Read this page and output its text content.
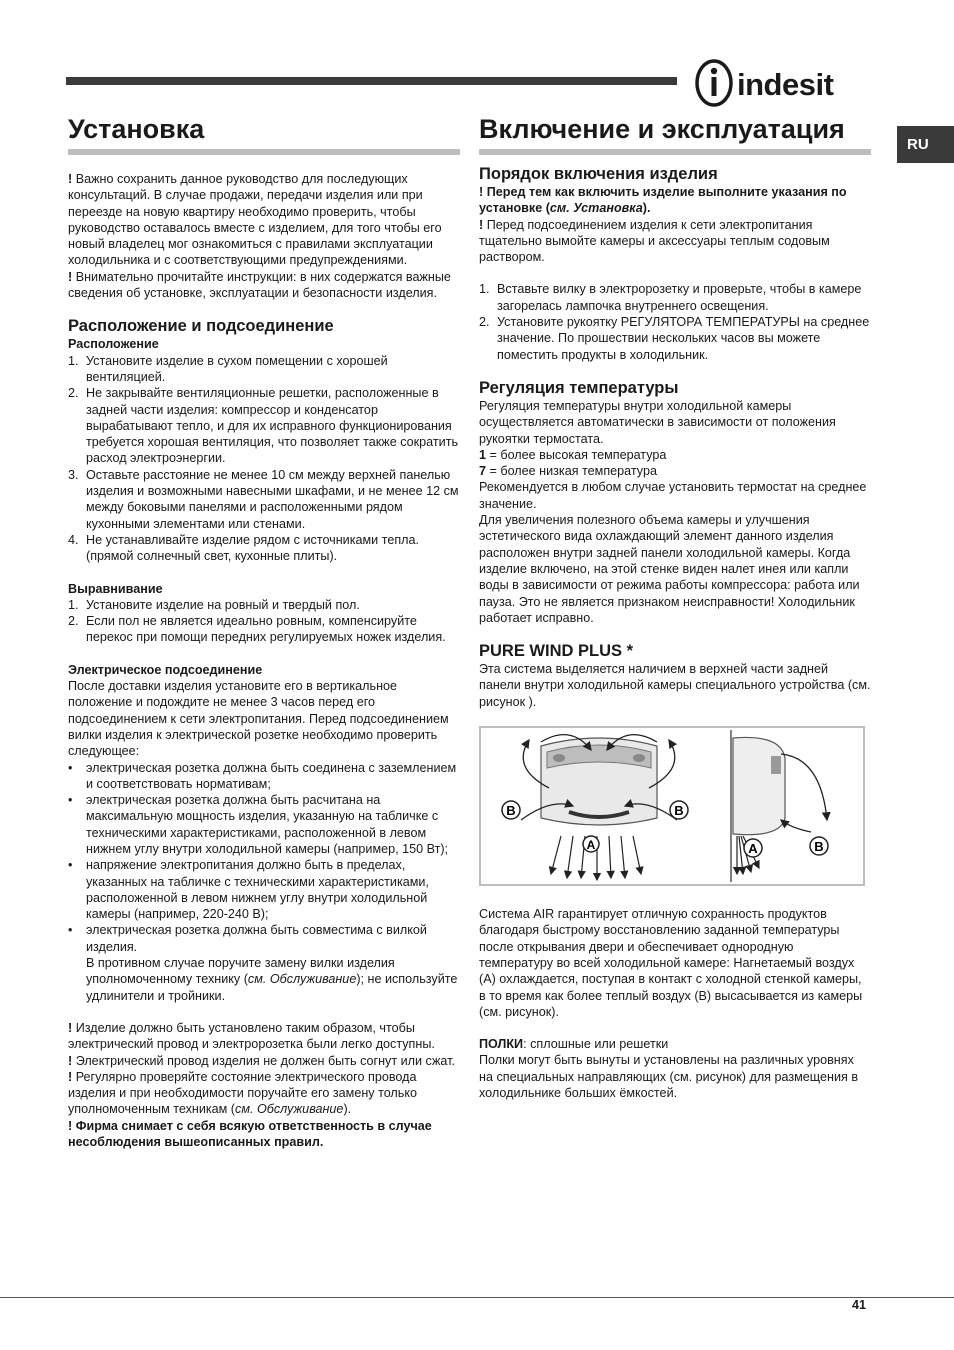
indesit
RU
Установка

! Важно сохранить данное руководство для последующих консультаций. В случае продажи, передачи изделия или при переезде на новую квартиру необходимо проверить, чтобы руководство оставалось вместе с изделием, для того чтобы его новый владелец мог ознакомиться с правилами эксплуатации холодильника и с соответствующими предупреждениями.

! Внимательно прочитайте инструкции: в них содержатся важные сведения об установке, эксплуатации и безопасности изделия.

Расположение и подсоединение
Расположение
1. Установите изделие в сухом помещении с хорошей вентиляцией.
2. Не закрывайте вентиляционные решетки, расположенные в задней части изделия: компрессор и конденсатор вырабатывают тепло, и для их исправного функционирования требуется хорошая вентиляция, что позволяет также сократить расход электроэнергии.
3. Оставьте расстояние не менее 10 см между верхней панелью изделия и возможными навесными шкафами, и не менее 12 см между боковыми панелями и расположенными рядом кухонными элементами или стенами.
4. Не устанавливайте изделие рядом с источниками тепла. (прямой солнечный свет, кухонные плиты).
Выравнивание
1. Установите изделие на ровный и твердый пол.
2. Если пол не является идеально ровным, компенсируйте перекос при помощи передних регулируемых ножек изделия.
Электрическое подсоединение

После доставки изделия установите его в вертикальное положение и подождите не менее 3 часов перед его подсоединением к сети электропитания. Перед подсоединением вилки изделия к электрической розетке необходимо проверить следующее:

• электрическая розетка должна быть соединена с заземлением и соответствовать нормативам;
• электрическая розетка должна быть расчитана на максимальную мощность изделия, указанную на табличке с техническими характеристиками, расположенной в левом нижнем углу внутри холодильной камеры (например, 150 Вт);
• напряжение электропитания должно быть в пределах, указанных на табличке с техническими характеристиками, расположенной в левом нижнем углу внутри холодильной камеры (например, 220-240 В);
• электрическая розетка должна быть совместима с вилкой изделия.

В противном случае поручите замену вилки изделия уполномоченному технику (см. Обслуживание); не используйте удлинители и тройники.

! Изделие должно быть установлено таким образом, чтобы электрический провод и электророзетка были легко доступны.

! Электрический провод изделия не должен быть согнут или сжат.

! Регулярно проверяйте состояние электрического провода изделия и при необходимости поручайте его замену только уполномоченным техникам (см. Обслуживание).

! Фирма снимает с себя всякую ответственность в случае несоблюдения вышеописанных правил.

Включение и эксплуатация
Порядок включения изделия

! Перед тем как включить изделие выполните указания по установке (см. Установка).

! Перед подсоединением изделия к сети электропитания тщательно вымойте камеры и аксессуары теплым содовым раствором.

1. Вставьте вилку в электророзетку и проверьте, чтобы в камере загорелась лампочка внутреннего освещения.
2. Установите рукоятку РЕГУЛЯТОРА ТЕМПЕРАТУРЫ на среднее значение. По прошествии нескольких часов вы можете поместить продукты в холодильник.
Регуляция температуры

Регуляция температуры внутри холодильной камеры осуществляется автоматически в зависимости от положения рукоятки термостата.

1 = более высокая температура

7 = более низкая температура

Рекомендуется в любом случае установить термостат на среднее значение.

Для увеличения полезного объема камеры и улучшения эстетического вида охлаждающий элемент данного изделия расположен внутри задней панели холодильной камеры. Когда изделие включено, на этой стенке виден налет инея или капли воды в зависимости от режима работы компрессора: работа или пауза. Это не является признаком неисправности! Холодильник работает исправно.

PURE WIND PLUS *

Эта система выделяется наличием в верхней части задней панели внутри холодильной камеры специального устройства (см. рисунок ).

B	B
A	A	B

Система AIR гарантирует отличную сохранность продуктов благодаря быстрому восстановлению заданной температуры после открывания двери и обеспечивает однородную температуру во всей холодильной камере: Нагнетаемый воздух (A) охлаждается, поступая в контакт с холодной стенкой камеры, в то время как более теплый воздух (B) высасывается из камеры (см. рисунок).

ПОЛКИ: сплошные или решетки

Полки могут быть вынуты и установлены на различных уровнях на специальных направляющих (см. рисунок) для размещения в холодильнике больших ёмкостей.

41
